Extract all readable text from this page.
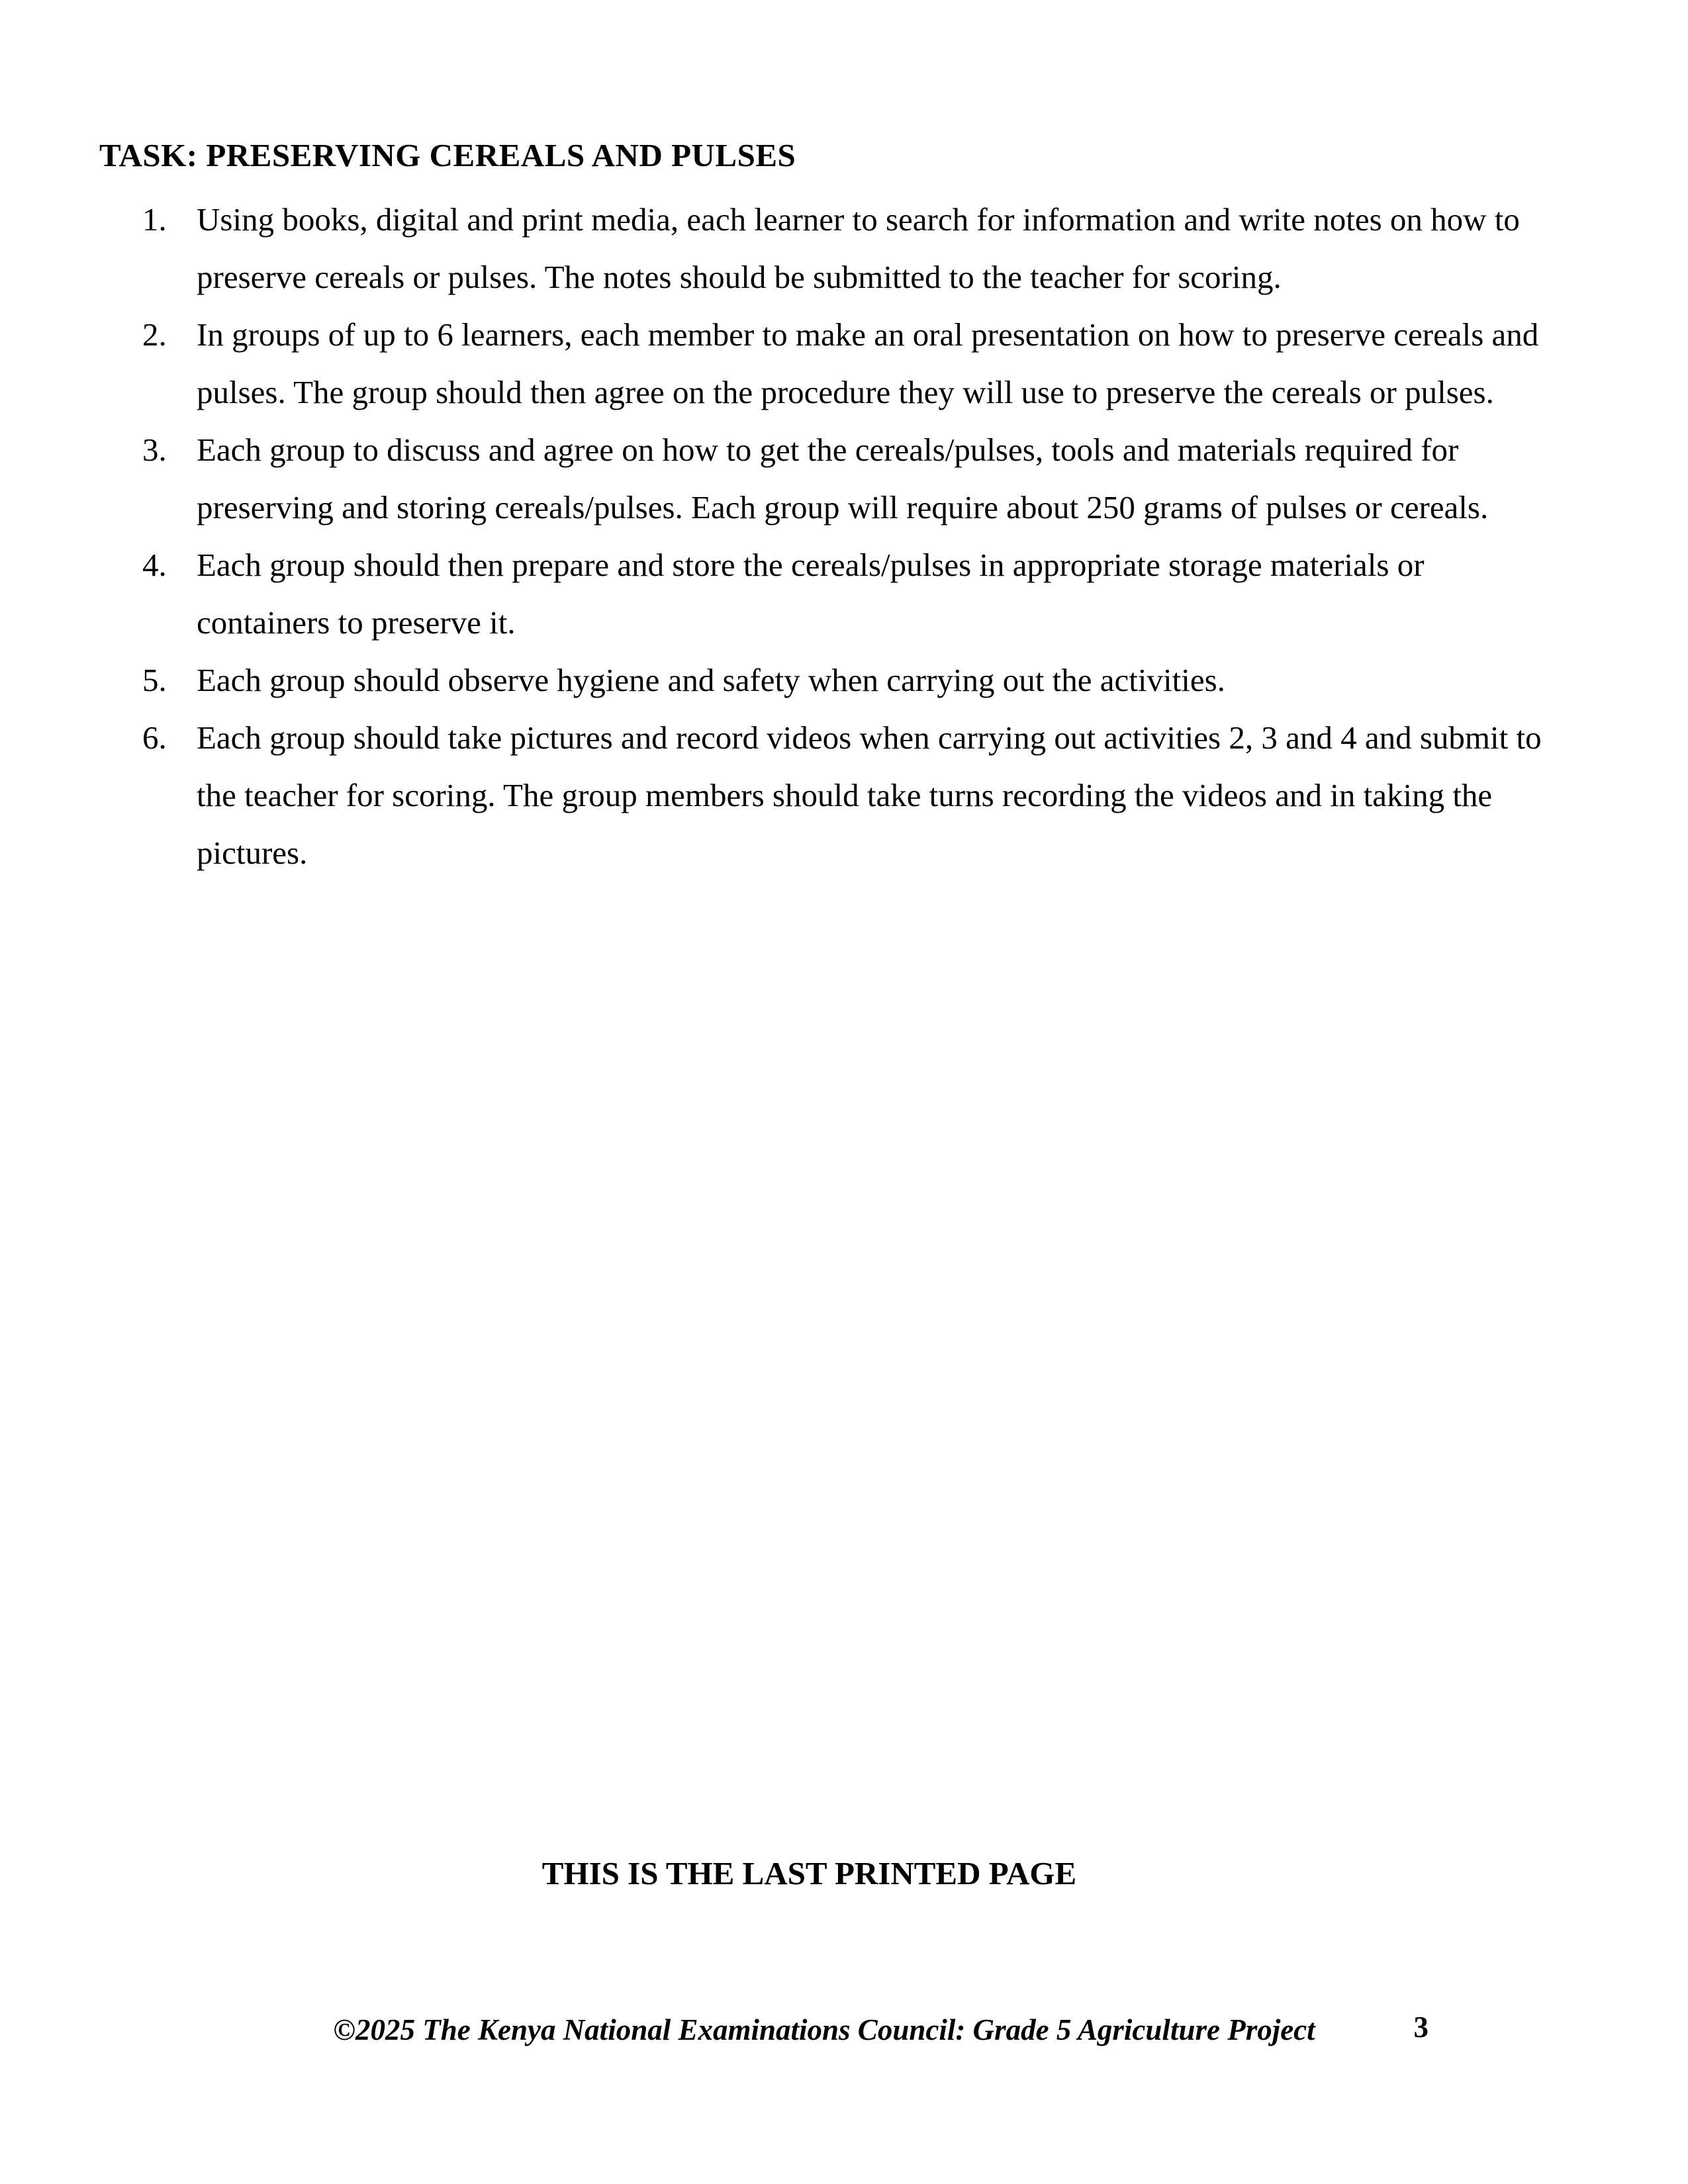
TASK: PRESERVING CEREALS AND PULSES
1. Using books, digital and print media, each learner to search for information and write notes on how to preserve cereals or pulses. The notes should be submitted to the teacher for scoring.
2. In groups of up to 6 learners, each member to make an oral presentation on how to preserve cereals and pulses. The group should then agree on the procedure they will use to preserve the cereals or pulses.
3. Each group to discuss and agree on how to get the cereals/pulses, tools and materials required for preserving and storing cereals/pulses. Each group will require about 250 grams of pulses or cereals.
4. Each group should then prepare and store the cereals/pulses in appropriate storage materials or containers to preserve it.
5. Each group should observe hygiene and safety when carrying out the activities.
6. Each group should take pictures and record videos when carrying out activities 2, 3 and 4 and submit to the teacher for scoring. The group members should take turns recording the videos and in taking the pictures.
THIS IS THE LAST PRINTED PAGE
©2025 The Kenya National Examinations Council: Grade 5 Agriculture Project	3
